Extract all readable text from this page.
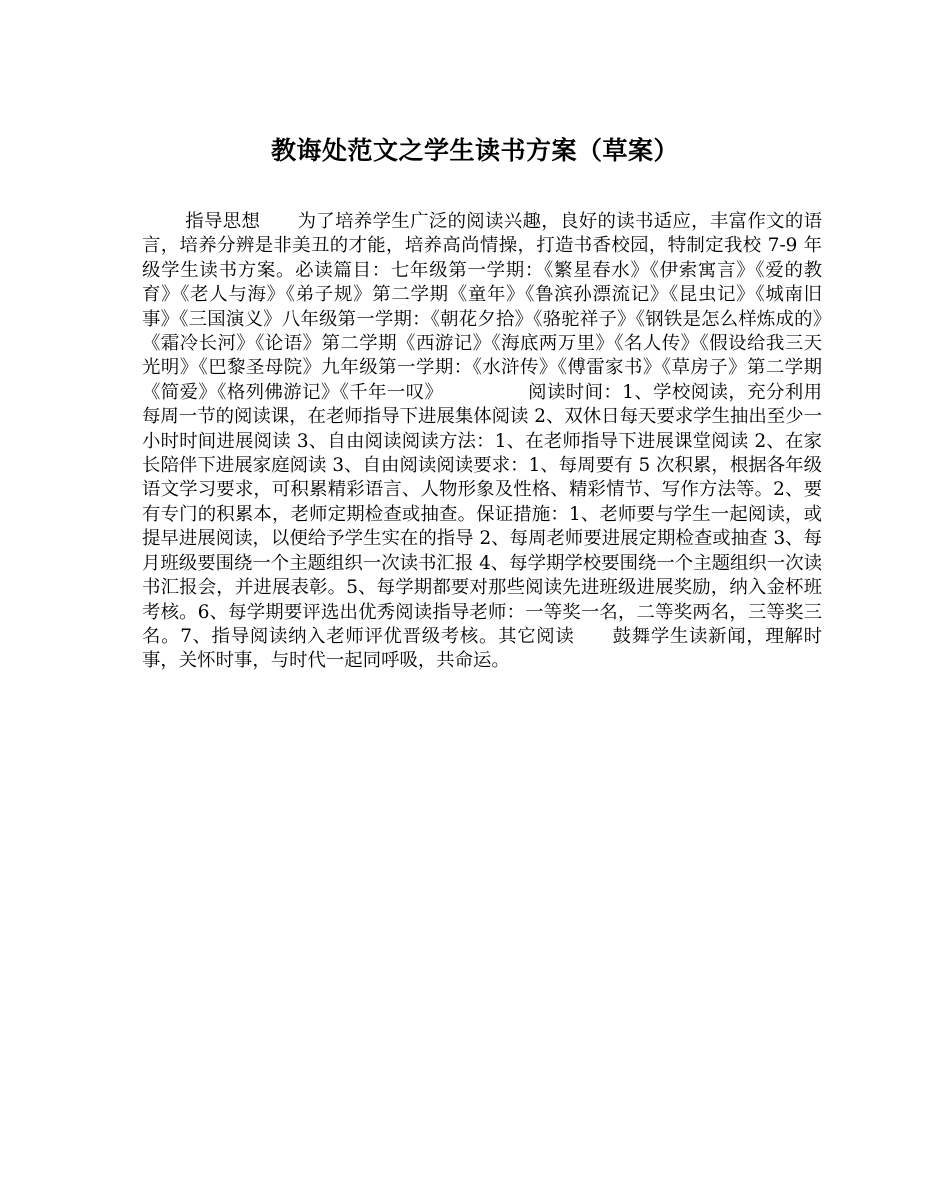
教诲处范文之学生读书方案（草案）

指导思想　　为了培养学生广泛的阅读兴趣，良好的读书适应，丰富作文的语言，培养分辨是非美丑的才能，培养高尚情操，打造书香校园，特制定我校 7-9 年级学生读书方案。必读篇目：七年级第一学期：《繁星春水》《伊索寓言》《爱的教育》《老人与海》《弟子规》第二学期《童年》《鲁滨孙漂流记》《昆虫记》《城南旧事》《三国演义》八年级第一学期：《朝花夕拾》《骆驼祥子》《钢铁是怎么样炼成的》《霜冷长河》《论语》第二学期《西游记》《海底两万里》《名人传》《假设给我三天光明》《巴黎圣母院》九年级第一学期：《水浒传》《傅雷家书》《草房子》第二学期《简爱》《格列佛游记》《千年一叹》　　　　　阅读时间：1、学校阅读，充分利用每周一节的阅读课，在老师指导下进展集体阅读 2、双休日每天要求学生抽出至少一小时时间进展阅读 3、自由阅读阅读方法：1、在老师指导下进展课堂阅读 2、在家长陪伴下进展家庭阅读 3、自由阅读阅读要求：1、每周要有 5 次积累，根据各年级语文学习要求，可积累精彩语言、人物形象及性格、精彩情节、写作方法等。2、要有专门的积累本，老师定期检查或抽查。保证措施：1、老师要与学生一起阅读，或提早进展阅读，以便给予学生实在的指导 2、每周老师要进展定期检查或抽查 3、每月班级要围绕一个主题组织一次读书汇报 4、每学期学校要围绕一个主题组织一次读书汇报会，并进展表彰。5、每学期都要对那些阅读先进班级进展奖励，纳入金杯班考核。6、每学期要评选出优秀阅读指导老师：一等奖一名，二等奖两名，三等奖三名。7、指导阅读纳入老师评优晋级考核。其它阅读　　鼓舞学生读新闻，理解时事，关怀时事，与时代一起同呼吸，共命运。
